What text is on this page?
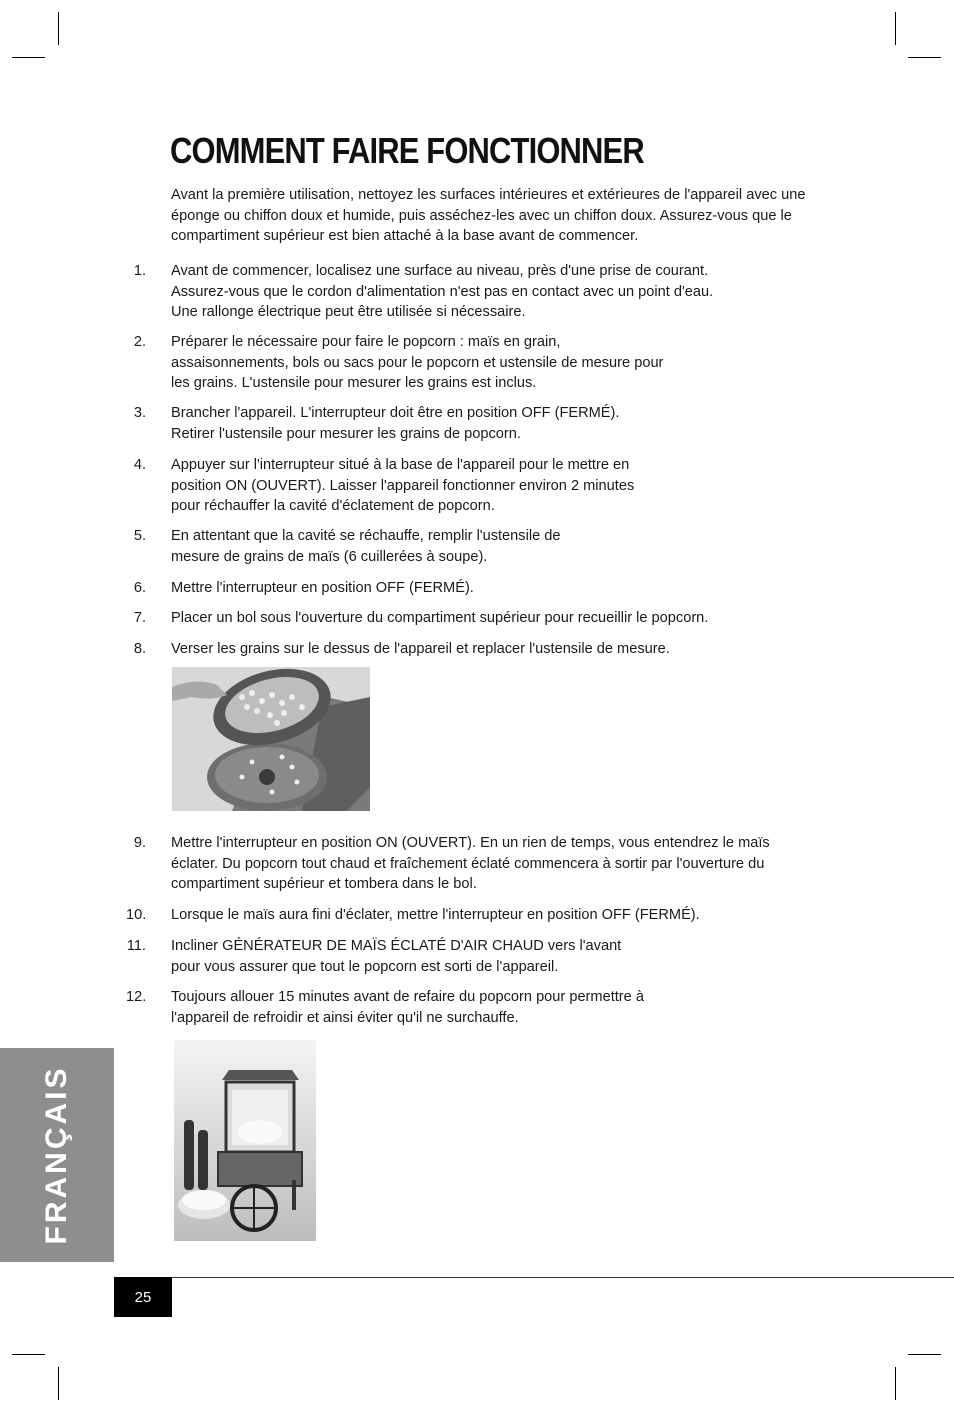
COMMENT FAIRE FONCTIONNER

Avant la première utilisation, nettoyez les surfaces intérieures et extérieures de l'appareil avec une éponge ou chiffon doux et humide, puis asséchez-les avec un chiffon doux. Assurez-vous que le compartiment supérieur est bien attaché à la base avant de commencer.

1. Avant de commencer, localisez une surface au niveau, près d'une prise de courant. Assurez-vous que le cordon d'alimentation n'est pas en contact avec un point d'eau. Une rallonge électrique peut être utilisée si nécessaire.
2. Préparer le nécessaire pour faire le popcorn : maïs en grain, assaisonnements, bols ou sacs pour le popcorn et ustensile de mesure pour les grains. L'ustensile pour mesurer les grains est inclus.
3. Brancher l'appareil. L'interrupteur doit être en position OFF (FERMÉ). Retirer l'ustensile pour mesurer les grains de popcorn.
4. Appuyer sur l'interrupteur situé à la base de l'appareil pour le mettre en position ON (OUVERT). Laisser l'appareil fonctionner environ 2 minutes pour réchauffer la cavité d'éclatement de popcorn.
5. En attentant que la cavité se réchauffe, remplir l'ustensile de mesure de grains de maïs (6 cuillerées à soupe).
6. Mettre l'interrupteur en position OFF (FERMÉ).
7. Placer un bol sous l'ouverture du compartiment supérieur pour recueillir le popcorn.
8. Verser les grains sur le dessus de l'appareil et replacer l'ustensile de mesure.
9. Mettre l'interrupteur en position ON (OUVERT). En un rien de temps, vous entendrez le maïs éclater. Du popcorn tout chaud et fraîchement éclaté commencera à sortir par l'ouverture du compartiment supérieur et tombera dans le bol.
10. Lorsque le maïs aura fini d'éclater, mettre l'interrupteur en position OFF (FERMÉ).
11. Incliner GÉNÉRATEUR DE MAÏS ÉCLATÉ D'AIR CHAUD vers l'avant pour vous assurer que tout le popcorn est sorti de l'appareil.
12. Toujours allouer 15 minutes avant de refaire du popcorn pour permettre à l'appareil de refroidir et ainsi éviter qu'il ne surchauffe.
FRANÇAIS
25
